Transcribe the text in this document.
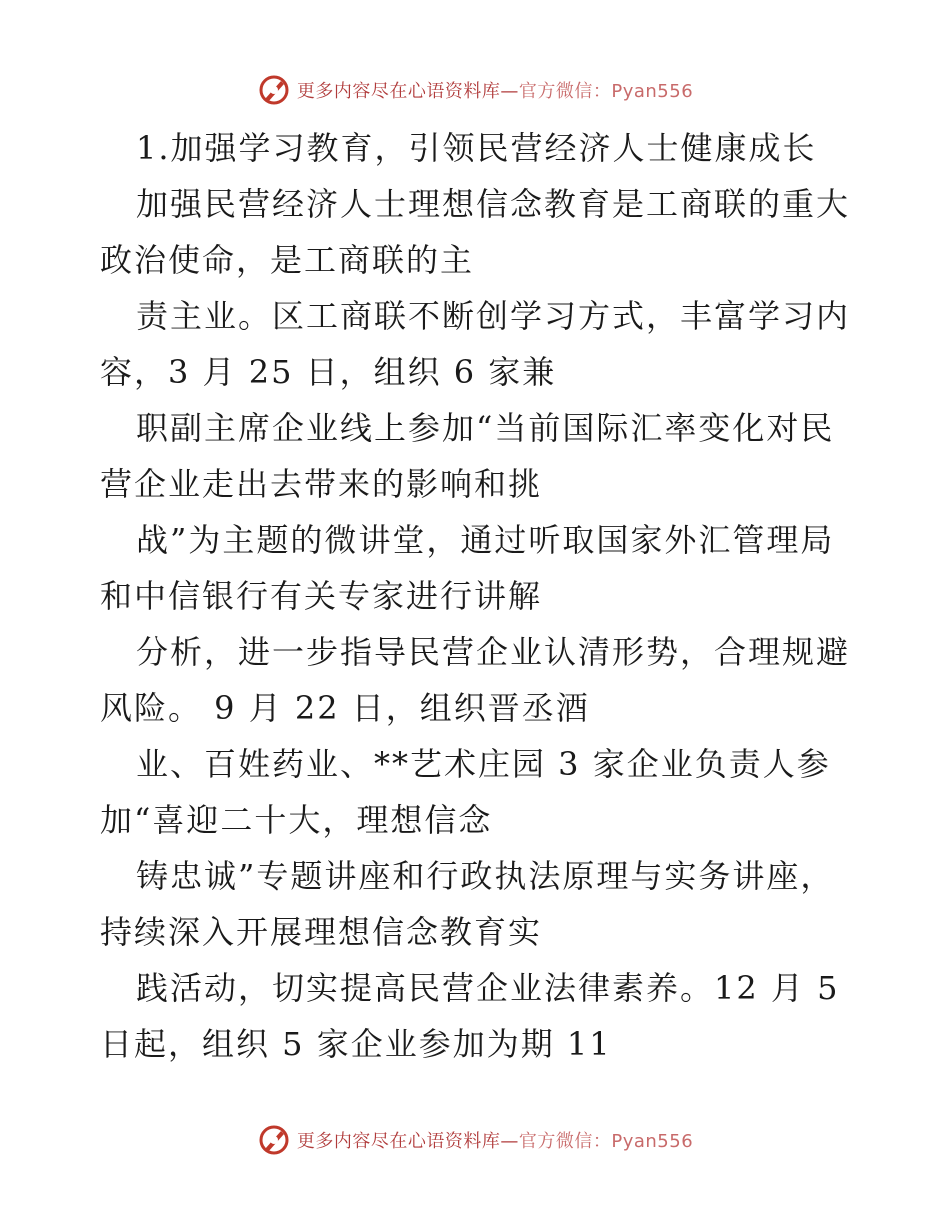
更多内容尽在心语资料库—官方微信：Pyan556
1.加强学习教育，引领民营经济人士健康成长
加强民营经济人士理想信念教育是工商联的重大
政治使命，是工商联的主
责主业。区工商联不断创学习方式，丰富学习内
容，3 月 25 日，组织 6 家兼
职副主席企业线上参加“当前国际汇率变化对民
营企业走出去带来的影响和挑
战”为主题的微讲堂，通过听取国家外汇管理局
和中信银行有关专家进行讲解
分析，进一步指导民营企业认清形势，合理规避
风险。 9 月 22 日，组织晋丞酒
业、百姓药业、**艺术庄园 3 家企业负责人参
加“喜迎二十大，理想信念
铸忠诚”专题讲座和行政执法原理与实务讲座，
持续深入开展理想信念教育实
践活动，切实提高民营企业法律素养。12 月 5
日起，组织 5 家企业参加为期 11
更多内容尽在心语资料库—官方微信：Pyan556
